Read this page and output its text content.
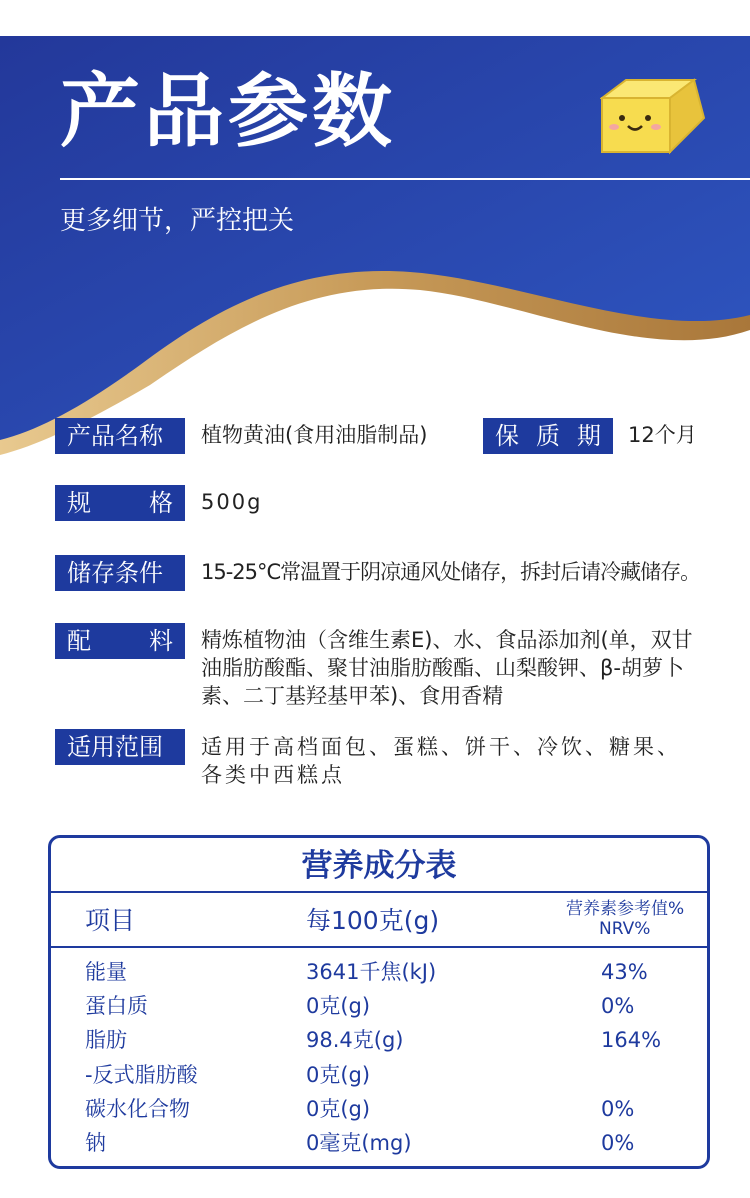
产品参数
更多细节，严控把关
产品名称 植物黄油(食用油脂制品)	保 质 期 12个月
规 格 500g
储存条件 15-25°C常温置于阴凉通风处储存，拆封后请冷藏储存。
配 料 精炼植物油（含维生素E)、水、食品添加剂(单，双甘
油脂肪酸酯、聚甘油脂肪酸酯、山梨酸钾、β-胡萝卜
素、二丁基羟基甲苯)、食用香精
适用范围 适用于高档面包、蛋糕、饼干、冷饮、糖果、
各类中西糕点
营养成分表
项目	每100克(g)	营养素参考值%
NRV%
能量	3641千焦(kJ)	43%
蛋白质	0克(g)	0%
脂肪	98.4克(g)	164%
-反式脂肪酸	0克(g)
碳水化合物	0克(g)	0%
钠	0毫克(mg)	0%
